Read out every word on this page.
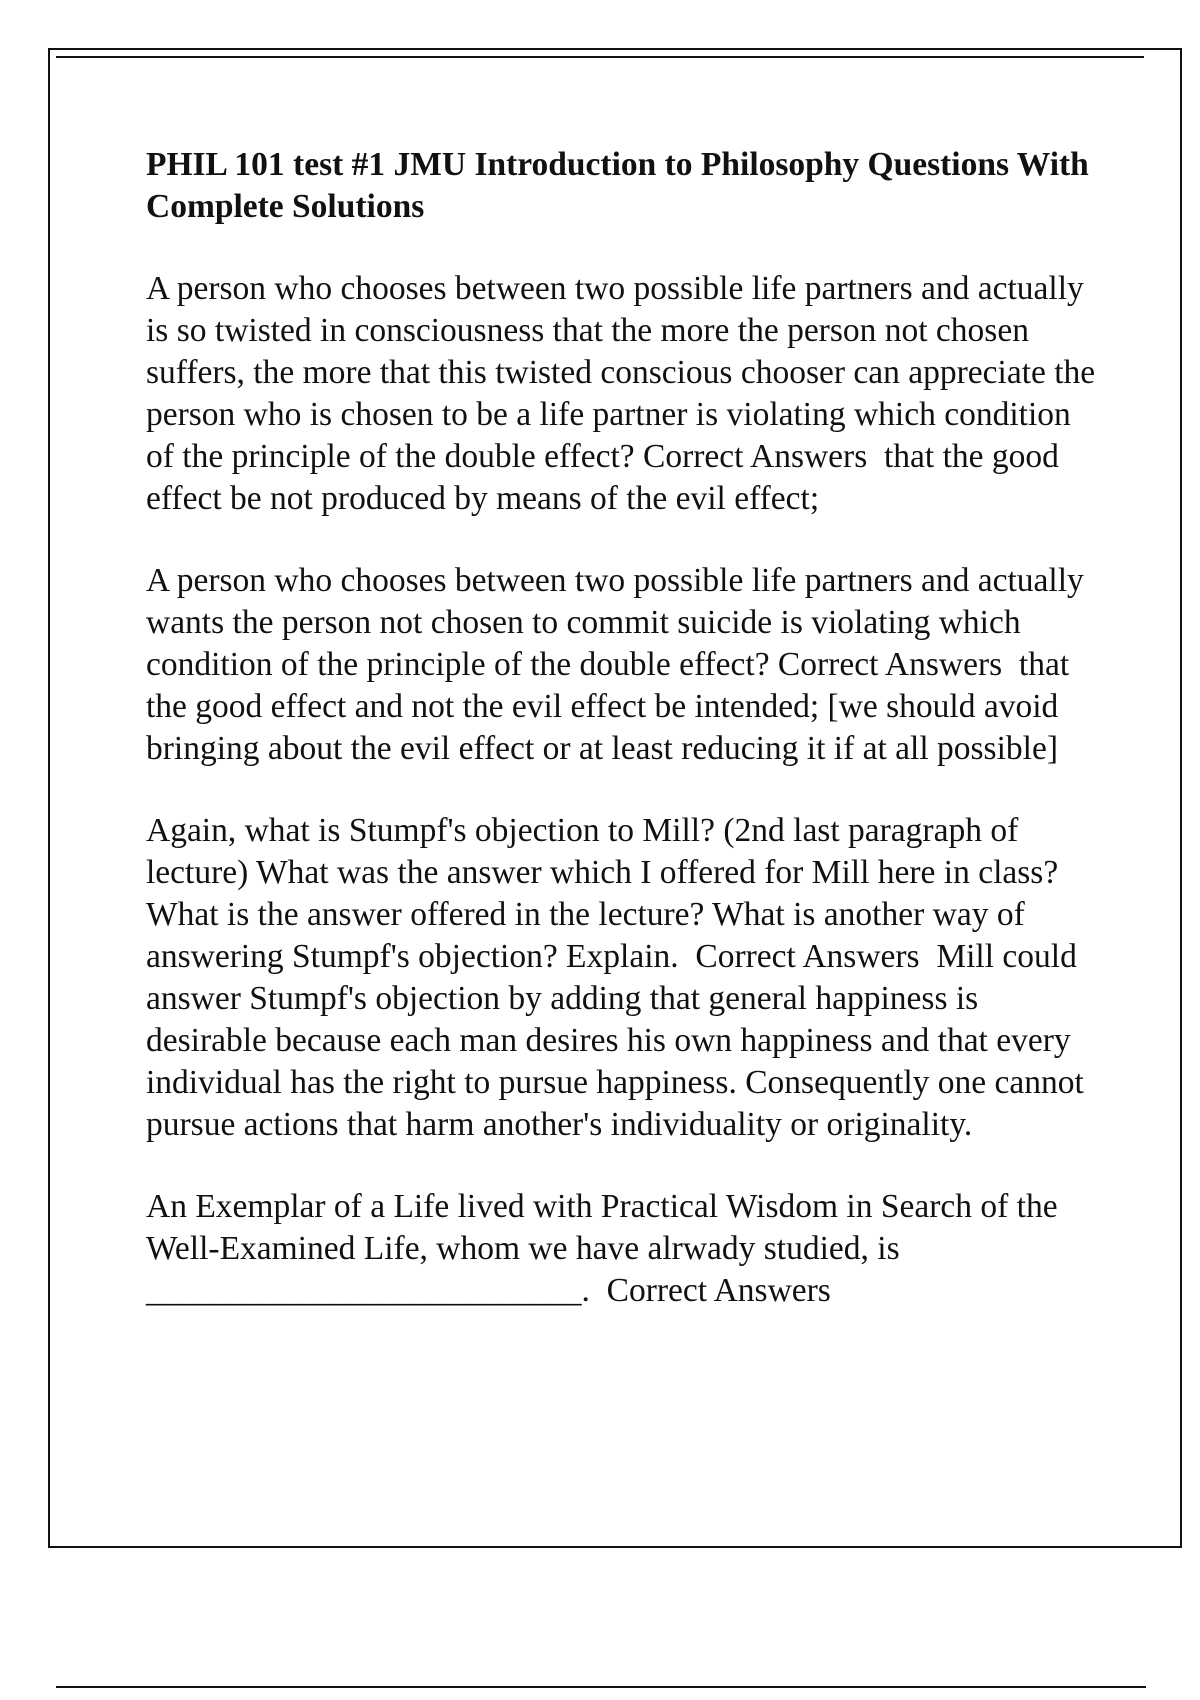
PHIL 101 test #1 JMU Introduction to Philosophy Questions With Complete Solutions

A person who chooses between two possible life partners and actually is so twisted in consciousness that the more the person not chosen suffers, the more that this twisted conscious chooser can appreciate the person who is chosen to be a life partner is violating which condition of the principle of the double effect? Correct Answers  that the good effect be not produced by means of the evil effect;

A person who chooses between two possible life partners and actually wants the person not chosen to commit suicide is violating which condition of the principle of the double effect? Correct Answers  that the good effect and not the evil effect be intended; [we should avoid bringing about the evil effect or at least reducing it if at all possible]

Again, what is Stumpf's objection to Mill? (2nd last paragraph of lecture) What was the answer which I offered for Mill here in class? What is the answer offered in the lecture? What is another way of answering Stumpf's objection? Explain.  Correct Answers  Mill could answer Stumpf's objection by adding that general happiness is desirable because each man desires his own happiness and that every individual has the right to pursue happiness. Consequently one cannot pursue actions that harm another's individuality or originality.

An Exemplar of a Life lived with Practical Wisdom in Search of the Well-Examined Life, whom we have alrwady studied, is __________________________.  Correct Answers
